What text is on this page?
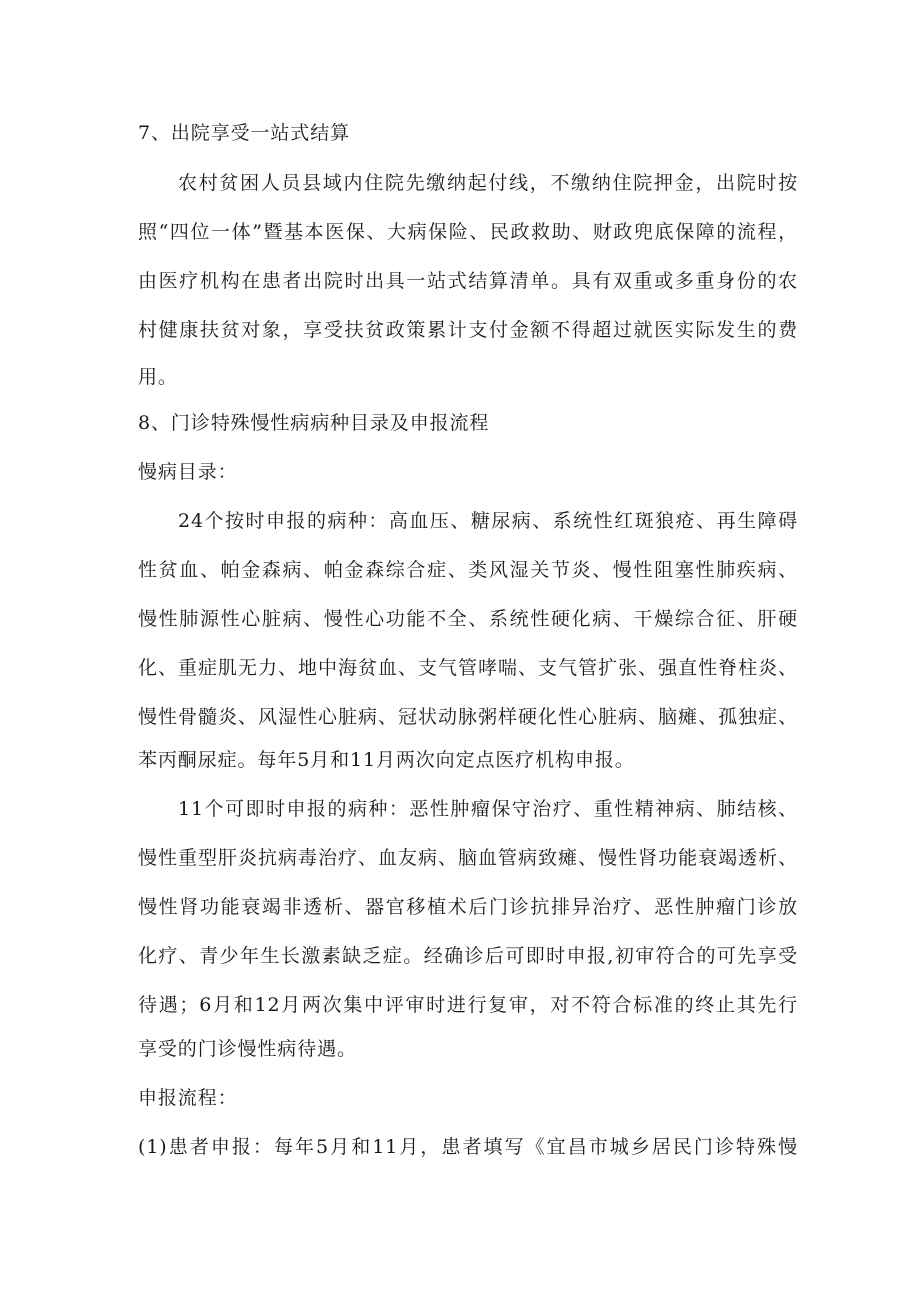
7、出院享受一站式结算
农村贫困人员县域内住院先缴纳起付线，不缴纳住院押金，出院时按
照“四位一体”暨基本医保、大病保险、民政救助、财政兜底保障的流程，
由医疗机构在患者出院时出具一站式结算清单。具有双重或多重身份的农
村健康扶贫对象，享受扶贫政策累计支付金额不得超过就医实际发生的费
用。
8、门诊特殊慢性病病种目录及申报流程
慢病目录：
24个按时申报的病种：高血压、糖尿病、系统性红斑狼疮、再生障碍
性贫血、帕金森病、帕金森综合症、类风湿关节炎、慢性阻塞性肺疾病、
慢性肺源性心脏病、慢性心功能不全、系统性硬化病、干燥综合征、肝硬
化、重症肌无力、地中海贫血、支气管哮喘、支气管扩张、强直性脊柱炎、
慢性骨髓炎、风湿性心脏病、冠状动脉粥样硬化性心脏病、脑瘫、孤独症、
苯丙酮尿症。每年5月和11月两次向定点医疗机构申报。
11个可即时申报的病种：恶性肿瘤保守治疗、重性精神病、肺结核、
慢性重型肝炎抗病毒治疗、血友病、脑血管病致瘫、慢性肾功能衰竭透析、
慢性肾功能衰竭非透析、器官移植术后门诊抗排异治疗、恶性肿瘤门诊放
化疗、青少年生长激素缺乏症。经确诊后可即时申报,初审符合的可先享受
待遇；6月和12月两次集中评审时进行复审，对不符合标准的终止其先行
享受的门诊慢性病待遇。
申报流程：
(1)患者申报：每年5月和11月，患者填写《宜昌市城乡居民门诊特殊慢
